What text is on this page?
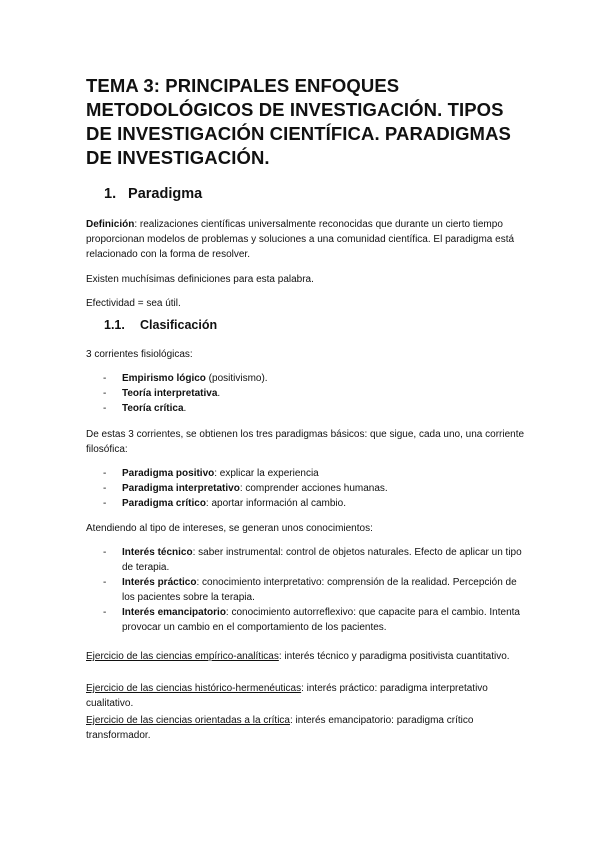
TEMA 3: PRINCIPALES ENFOQUES METODOLÓGICOS DE INVESTIGACIÓN. TIPOS DE INVESTIGACIÓN CIENTÍFICA. PARADIGMAS DE INVESTIGACIÓN.
1. Paradigma

Definición: realizaciones científicas universalmente reconocidas que durante un cierto tiempo proporcionan modelos de problemas y soluciones a una comunidad científica. El paradigma está relacionado con la forma de resolver.

Existen muchísimas definiciones para esta palabra.

Efectividad = sea útil.

1.1. Clasificación

3 corrientes fisiológicas:

- Empirismo lógico (positivismo).
- Teoría interpretativa.
- Teoría crítica.

De estas 3 corrientes, se obtienen los tres paradigmas básicos: que sigue, cada uno, una corriente filosófica:

- Paradigma positivo: explicar la experiencia
- Paradigma interpretativo: comprender acciones humanas.
- Paradigma crítico: aportar información al cambio.

Atendiendo al tipo de intereses, se generan unos conocimientos:

- Interés técnico: saber instrumental: control de objetos naturales. Efecto de aplicar un tipo de terapia.
- Interés práctico: conocimiento interpretativo: comprensión de la realidad. Percepción de los pacientes sobre la terapia.
- Interés emancipatorio: conocimiento autorreflexivo: que capacite para el cambio. Intenta provocar un cambio en el comportamiento de los pacientes.

Ejercicio de las ciencias empírico-analíticas: interés técnico y paradigma positivista cuantitativo.

Ejercicio de las ciencias histórico-hermenéuticas: interés práctico: paradigma interpretativo cualitativo.

Ejercicio de las ciencias orientadas a la crítica: interés emancipatorio: paradigma crítico transformador.
